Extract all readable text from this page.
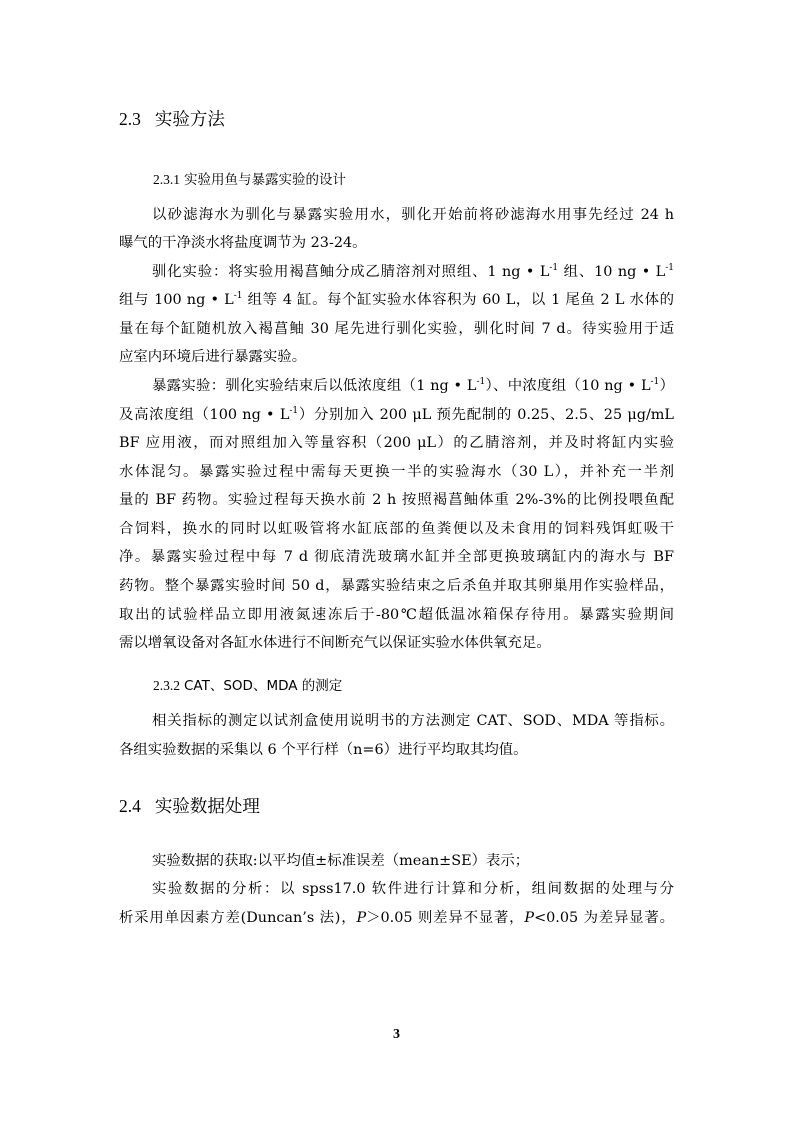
2.3 实验方法
2.3.1 实验用鱼与暴露实验的设计
以砂滤海水为驯化与暴露实验用水，驯化开始前将砂滤海水用事先经过 24 h
曝气的干净淡水将盐度调节为 23-24。
驯化实验：将实验用褐菖鲉分成乙腈溶剂对照组、1 ng • $L^{-1}$ 组、10 ng • $L^{-1}$
组与 100 ng • $L^{-1}$ 组等 4 缸。每个缸实验水体容积为 60 L，以 1 尾鱼 2 L 水体的
量在每个缸随机放入褐菖鲉 30 尾先进行驯化实验，驯化时间 7 d。待实验用于适
应室内环境后进行暴露实验。
暴露实验：驯化实验结束后以低浓度组（1 ng • $L^{-1}$）、中浓度组（10 ng • $L^{-1}$）
及高浓度组（100 ng • $L^{-1}$）分别加入 200 μL 预先配制的 0.25、2.5、25 μg/mL
BF 应用液，而对照组加入等量容积（200 μL）的乙腈溶剂，并及时将缸内实验
水体混匀。暴露实验过程中需每天更换一半的实验海水（30 L），并补充一半剂
量的 BF 药物。实验过程每天换水前 2 h 按照褐菖鲉体重 2%-3%的比例投喂鱼配
合饲料，换水的同时以虹吸管将水缸底部的鱼粪便以及未食用的饲料残饵虹吸干
净。暴露实验过程中每 7 d 彻底清洗玻璃水缸并全部更换玻璃缸内的海水与 BF
药物。整个暴露实验时间 50 d，暴露实验结束之后杀鱼并取其卵巢用作实验样品，
取出的试验样品立即用液氮速冻后于-80℃超低温冰箱保存待用。暴露实验期间
需以增氧设备对各缸水体进行不间断充气以保证实验水体供氧充足。
2.3.2 CAT、SOD、MDA 的测定
相关指标的测定以试剂盒使用说明书的方法测定 CAT、SOD、MDA 等指标。
各组实验数据的采集以 6 个平行样（n=6）进行平均取其均值。
2.4 实验数据处理
实验数据的获取:以平均值±标准误差（mean±SE）表示；
实验数据的分析：以 spss17.0 软件进行计算和分析，组间数据的处理与分
析采用单因素方差(Duncan’s 法)，P＞0.05 则差异不显著，P<0.05 为差异显著。
3
